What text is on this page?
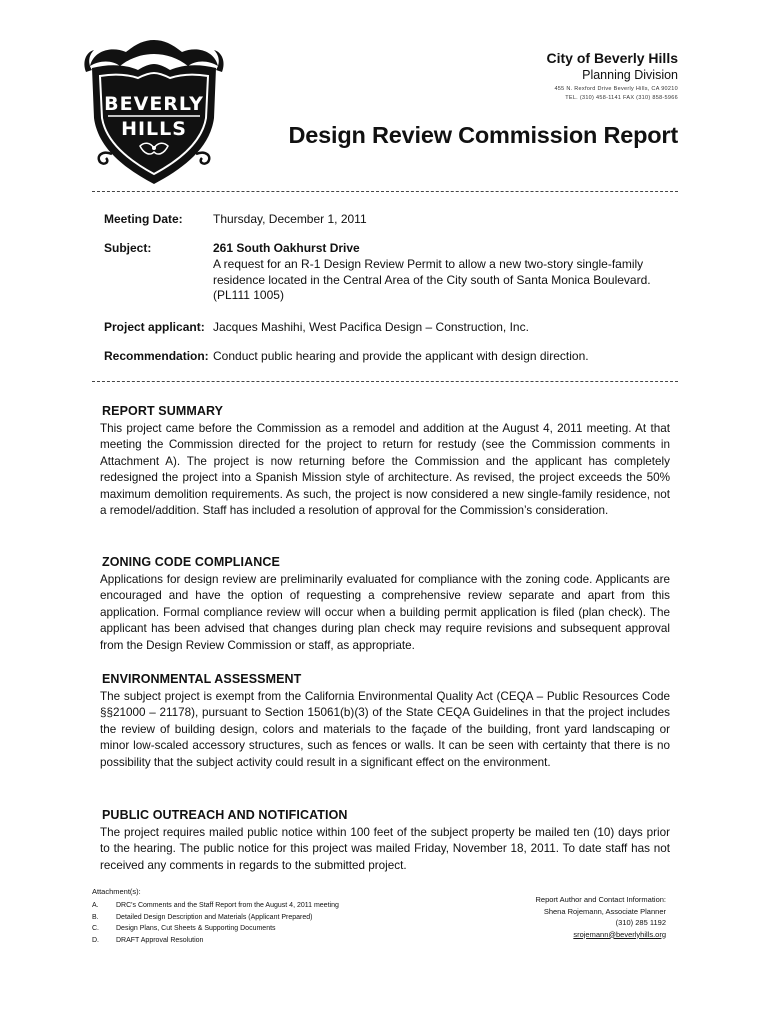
BEVERLY
HILLS
City of Beverly Hills
Planning Division
455 N. Rexford Drive Beverly Hills, CA 90210
TEL. (310) 458-1141 FAX (310) 858-5966
Design Review Commission Report
Meeting Date:	Thursday, December 1, 2011
Subject:	261 South Oakhurst Drive
A request for an R-1 Design Review Permit to allow a new two-story single-family residence located in the Central Area of the City south of Santa Monica Boulevard. (PL111 1005)
Project applicant: Jacques Mashihi, West Pacifica Design – Construction, Inc.
Recommendation: Conduct public hearing and provide the applicant with design direction.
REPORT SUMMARY
This project came before the Commission as a remodel and addition at the August 4, 2011 meeting. At that meeting the Commission directed for the project to return for restudy (see the Commission comments in Attachment A). The project is now returning before the Commission and the applicant has completely redesigned the project into a Spanish Mission style of architecture. As revised, the project exceeds the 50% maximum demolition requirements. As such, the project is now considered a new single-family residence, not a remodel/addition. Staff has included a resolution of approval for the Commission’s consideration.
ZONING CODE COMPLIANCE
Applications for design review are preliminarily evaluated for compliance with the zoning code. Applicants are encouraged and have the option of requesting a comprehensive review separate and apart from this application. Formal compliance review will occur when a building permit application is filed (plan check). The applicant has been advised that changes during plan check may require revisions and subsequent approval from the Design Review Commission or staff, as appropriate.
ENVIRONMENTAL ASSESSMENT
The subject project is exempt from the California Environmental Quality Act (CEQA – Public Resources Code §§21000 – 21178), pursuant to Section 15061(b)(3) of the State CEQA Guidelines in that the project includes the review of building design, colors and materials to the façade of the building, front yard landscaping or minor low-scaled accessory structures, such as fences or walls. It can be seen with certainty that there is no possibility that the subject activity could result in a significant effect on the environment.
PUBLIC OUTREACH AND NOTIFICATION
The project requires mailed public notice within 100 feet of the subject property be mailed ten (10) days prior to the hearing. The public notice for this project was mailed Friday, November 18, 2011. To date staff has not received any comments in regards to the submitted project.
Attachment(s):
A. DRC's Comments and the Staff Report from the August 4, 2011 meeting
B. Detailed Design Description and Materials (Applicant Prepared)
C. Design Plans, Cut Sheets & Supporting Documents
D. DRAFT Approval Resolution
Report Author and Contact Information:
Shena Rojemann, Associate Planner
(310) 285 1192
srojemann@beverlyhills.org
